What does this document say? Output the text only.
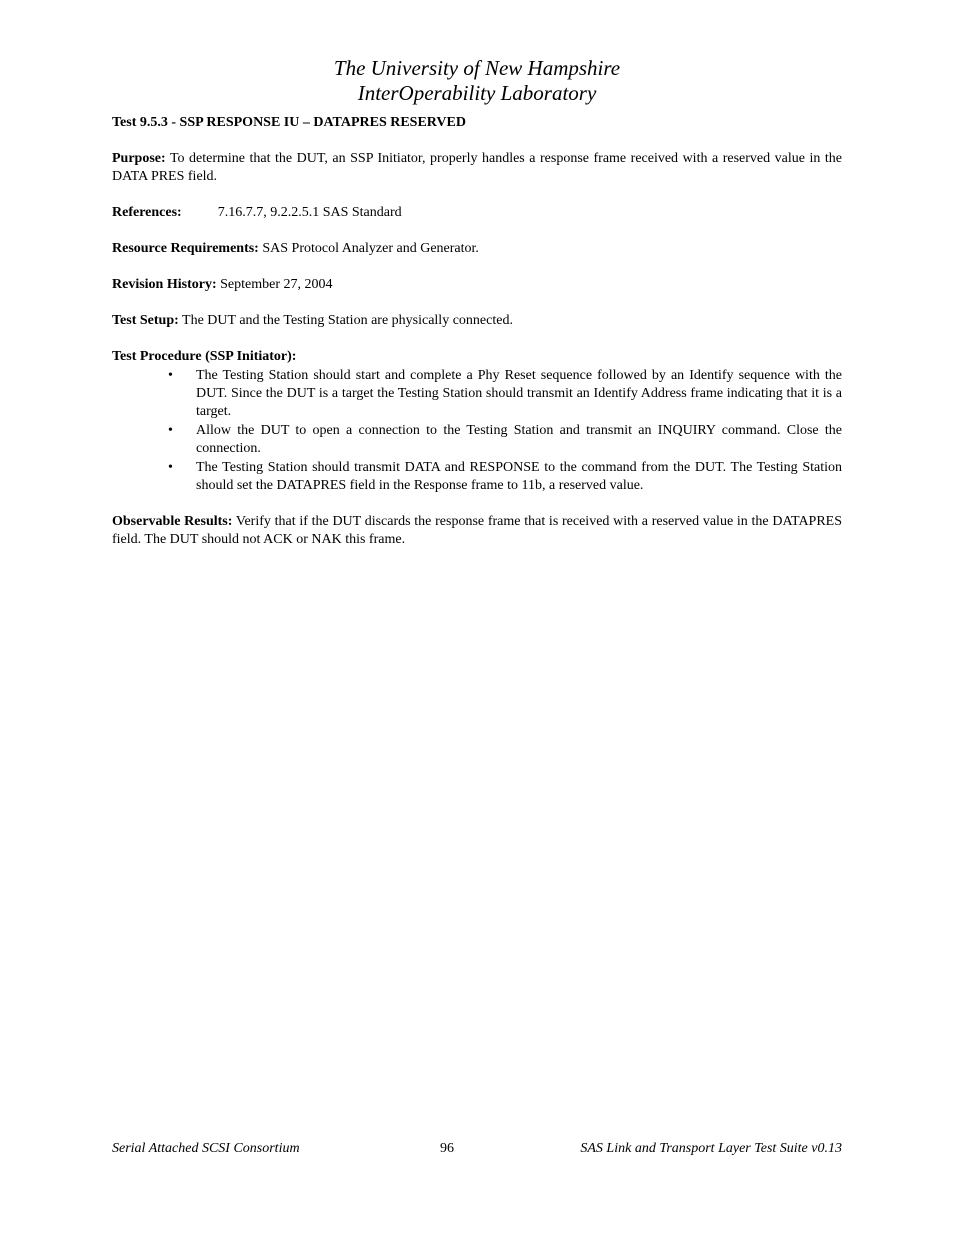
The University of New Hampshire
InterOperability Laboratory
Test 9.5.3 - SSP RESPONSE IU – DATAPRES RESERVED

Purpose: To determine that the DUT, an SSP Initiator, properly handles a response frame received with a reserved value in the DATA PRES field.

References:	7.16.7.7, 9.2.2.5.1 SAS Standard

Resource Requirements: SAS Protocol Analyzer and Generator.

Revision History: September 27, 2004

Test Setup: The DUT and the Testing Station are physically connected.

Test Procedure (SSP Initiator):
•	The Testing Station should start and complete a Phy Reset sequence followed by an Identify sequence with the DUT. Since the DUT is a target the Testing Station should transmit an Identify Address frame indicating that it is a target.
•	Allow the DUT to open a connection to the Testing Station and transmit an INQUIRY command. Close the connection.
•	The Testing Station should transmit DATA and RESPONSE to the command from the DUT. The Testing Station should set the DATAPRES field in the Response frame to 11b, a reserved value.

Observable Results: Verify that if the DUT discards the response frame that is received with a reserved value in the DATAPRES field. The DUT should not ACK or NAK this frame.

Serial Attached SCSI Consortium	96	SAS Link and Transport Layer Test Suite v0.13
